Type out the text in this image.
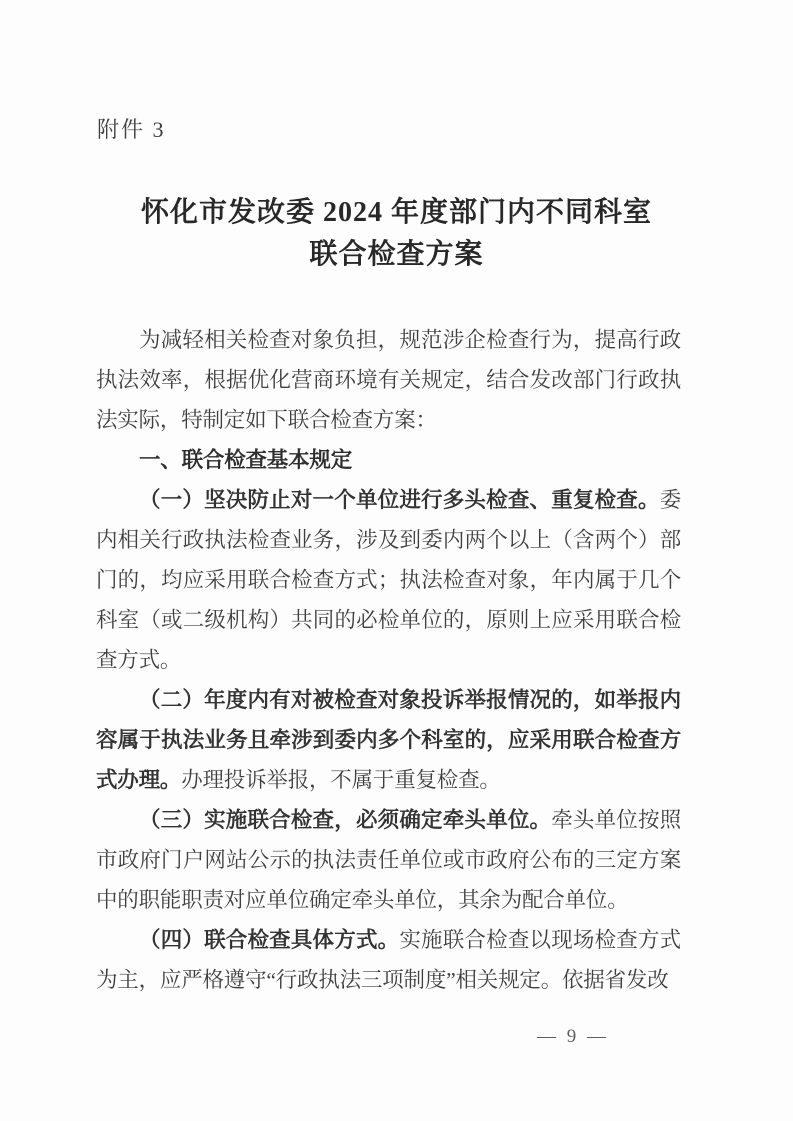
附件 3
怀化市发改委 2024 年度部门内不同科室
联合检查方案

为减轻相关检查对象负担，规范涉企检查行为，提高行政执法效率，根据优化营商环境有关规定，结合发改部门行政执法实际，特制定如下联合检查方案：

一、联合检查基本规定

（一）坚决防止对一个单位进行多头检查、重复检查。委内相关行政执法检查业务，涉及到委内两个以上（含两个）部门的，均应采用联合检查方式；执法检查对象，年内属于几个科室（或二级机构）共同的必检单位的，原则上应采用联合检查方式。

（二）年度内有对被检查对象投诉举报情况的，如举报内容属于执法业务且牵涉到委内多个科室的，应采用联合检查方式办理。办理投诉举报，不属于重复检查。

（三）实施联合检查，必须确定牵头单位。牵头单位按照市政府门户网站公示的执法责任单位或市政府公布的三定方案中的职能职责对应单位确定牵头单位，其余为配合单位。

（四）联合检查具体方式。实施联合检查以现场检查方式为主，应严格遵守“行政执法三项制度”相关规定。依据省发改

— 9 —
